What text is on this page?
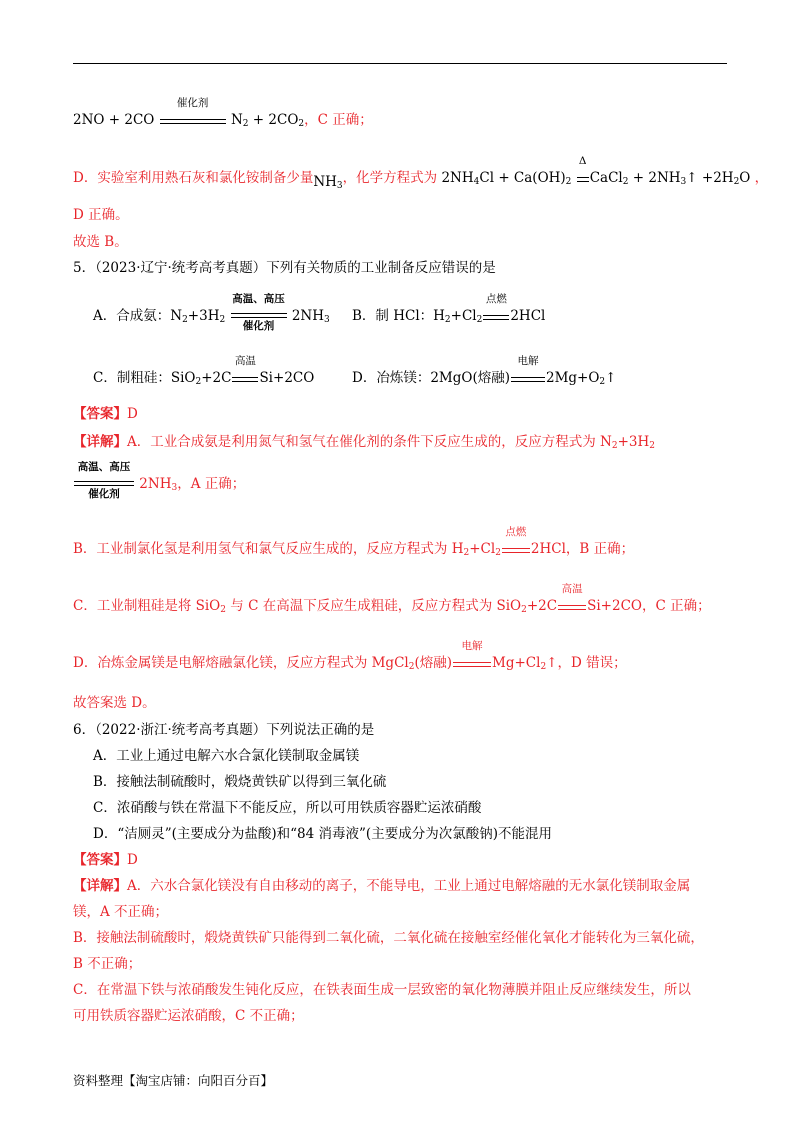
2NO + 2CO
催化剂
$N_2 + 2CO_2$，C 正确；
D．实验室利用熟石灰和氯化铵制备少量$NH_3$，化学方程式为 $2NH_4Cl + Ca(OH)_2$
Δ
CaCl$_2$ + $2NH_3↑ +2H_2O$ ，
D 正确。
故选 B。
5．（2023·辽宁·统考高考真题）下列有关物质的工业制备反应错误的是
A．合成氨：$N_2+3H_2$
高温、高压
催化剂
$2NH_3$ B．制 HCl：$H_2+Cl_2$
点燃
2HCl
C．制粗硅：SiO$_2$+2C
高温
Si+2CO	D．冶炼镁：2MgO(熔融)
电解
$2Mg+O_2↑$
【答案】D
【详解】A．工业合成氨是利用氮气和氢气在催化剂的条件下反应生成的，反应方程式为 $N_2+3H_2$
高温、高压
催化剂
$2NH_3$，A 正确；
B．工业制氯化氢是利用氢气和氯气反应生成的，反应方程式为 $H_2+Cl_2$
点燃
2HCl，B 正确；
C．工业制粗硅是将 SiO$_2$ 与 C 在高温下反应生成粗硅，反应方程式为 SiO$_2$+2C
高温
Si+2CO，C 正确；
D．冶炼金属镁是电解熔融氯化镁，反应方程式为 MgCl$_2$(熔融)
电解
$Mg+Cl_2↑$，D 错误；
故答案选 D。
6．（2022·浙江·统考高考真题）下列说法正确的是
A．工业上通过电解六水合氯化镁制取金属镁
B．接触法制硫酸时，煅烧黄铁矿以得到三氧化硫
C．浓硝酸与铁在常温下不能反应，所以可用铁质容器贮运浓硝酸
D．“洁厕灵”(主要成分为盐酸)和“84 消毒液”(主要成分为次氯酸钠)不能混用
【答案】D
【详解】A．六水合氯化镁没有自由移动的离子，不能导电，工业上通过电解熔融的无水氯化镁制取金属
镁，A 不正确；
B．接触法制硫酸时，煅烧黄铁矿只能得到二氧化硫，二氧化硫在接触室经催化氧化才能转化为三氧化硫，
B 不正确；
C．在常温下铁与浓硝酸发生钝化反应，在铁表面生成一层致密的氧化物薄膜并阻止反应继续发生，所以
可用铁质容器贮运浓硝酸，C 不正确；
资料整理【淘宝店铺：向阳百分百】
